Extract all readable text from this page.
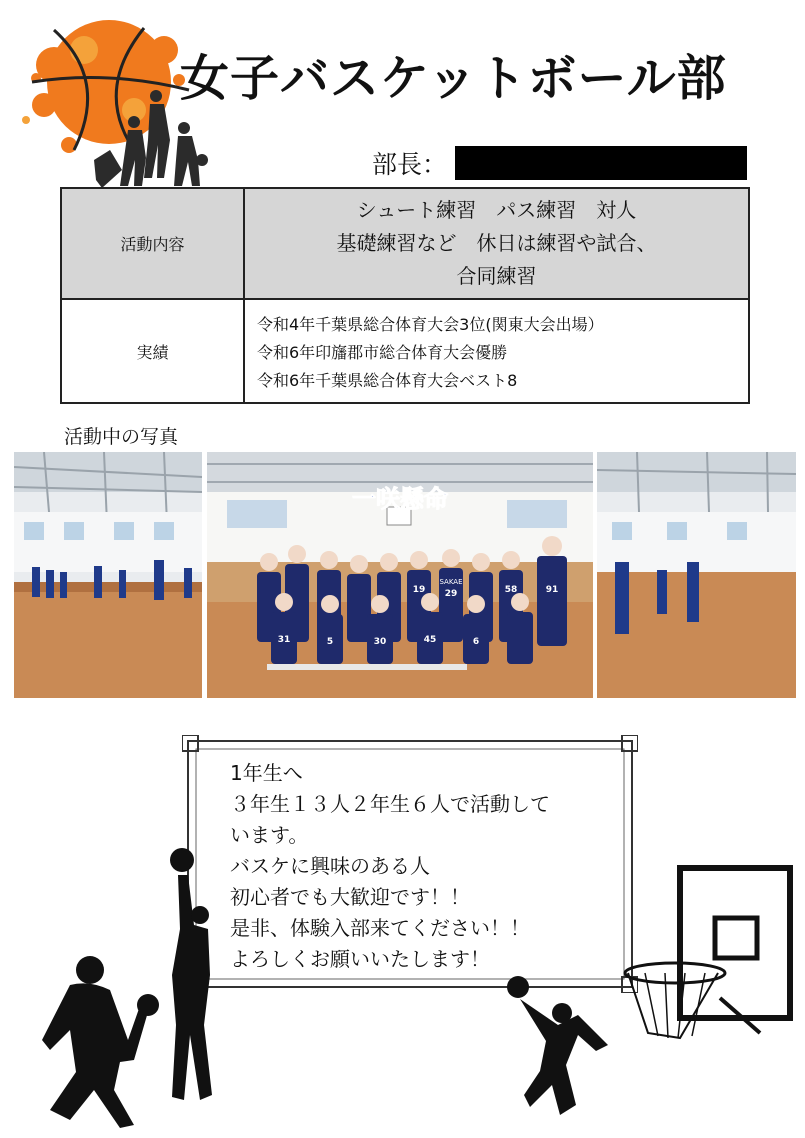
女子バスケットボール部
部長：
活動内容	シュート練習　パス練習　対人
基礎練習など　休日は練習や試合、
合同練習

実績	令和4年千葉県総合体育大会3位(関東大会出場）
令和6年印旛郡市総合体育大会優勝
令和6年千葉県総合体育大会ベスト8
活動中の写真
一咲懸命
SAKAE
91
19 29	58
31	5	30	45	6
1年生へ
３年生１３人２年生６人で活動して
います。
バスケに興味のある人
初心者でも大歓迎です！！
是非、体験入部来てください！！
よろしくお願いいたします！
